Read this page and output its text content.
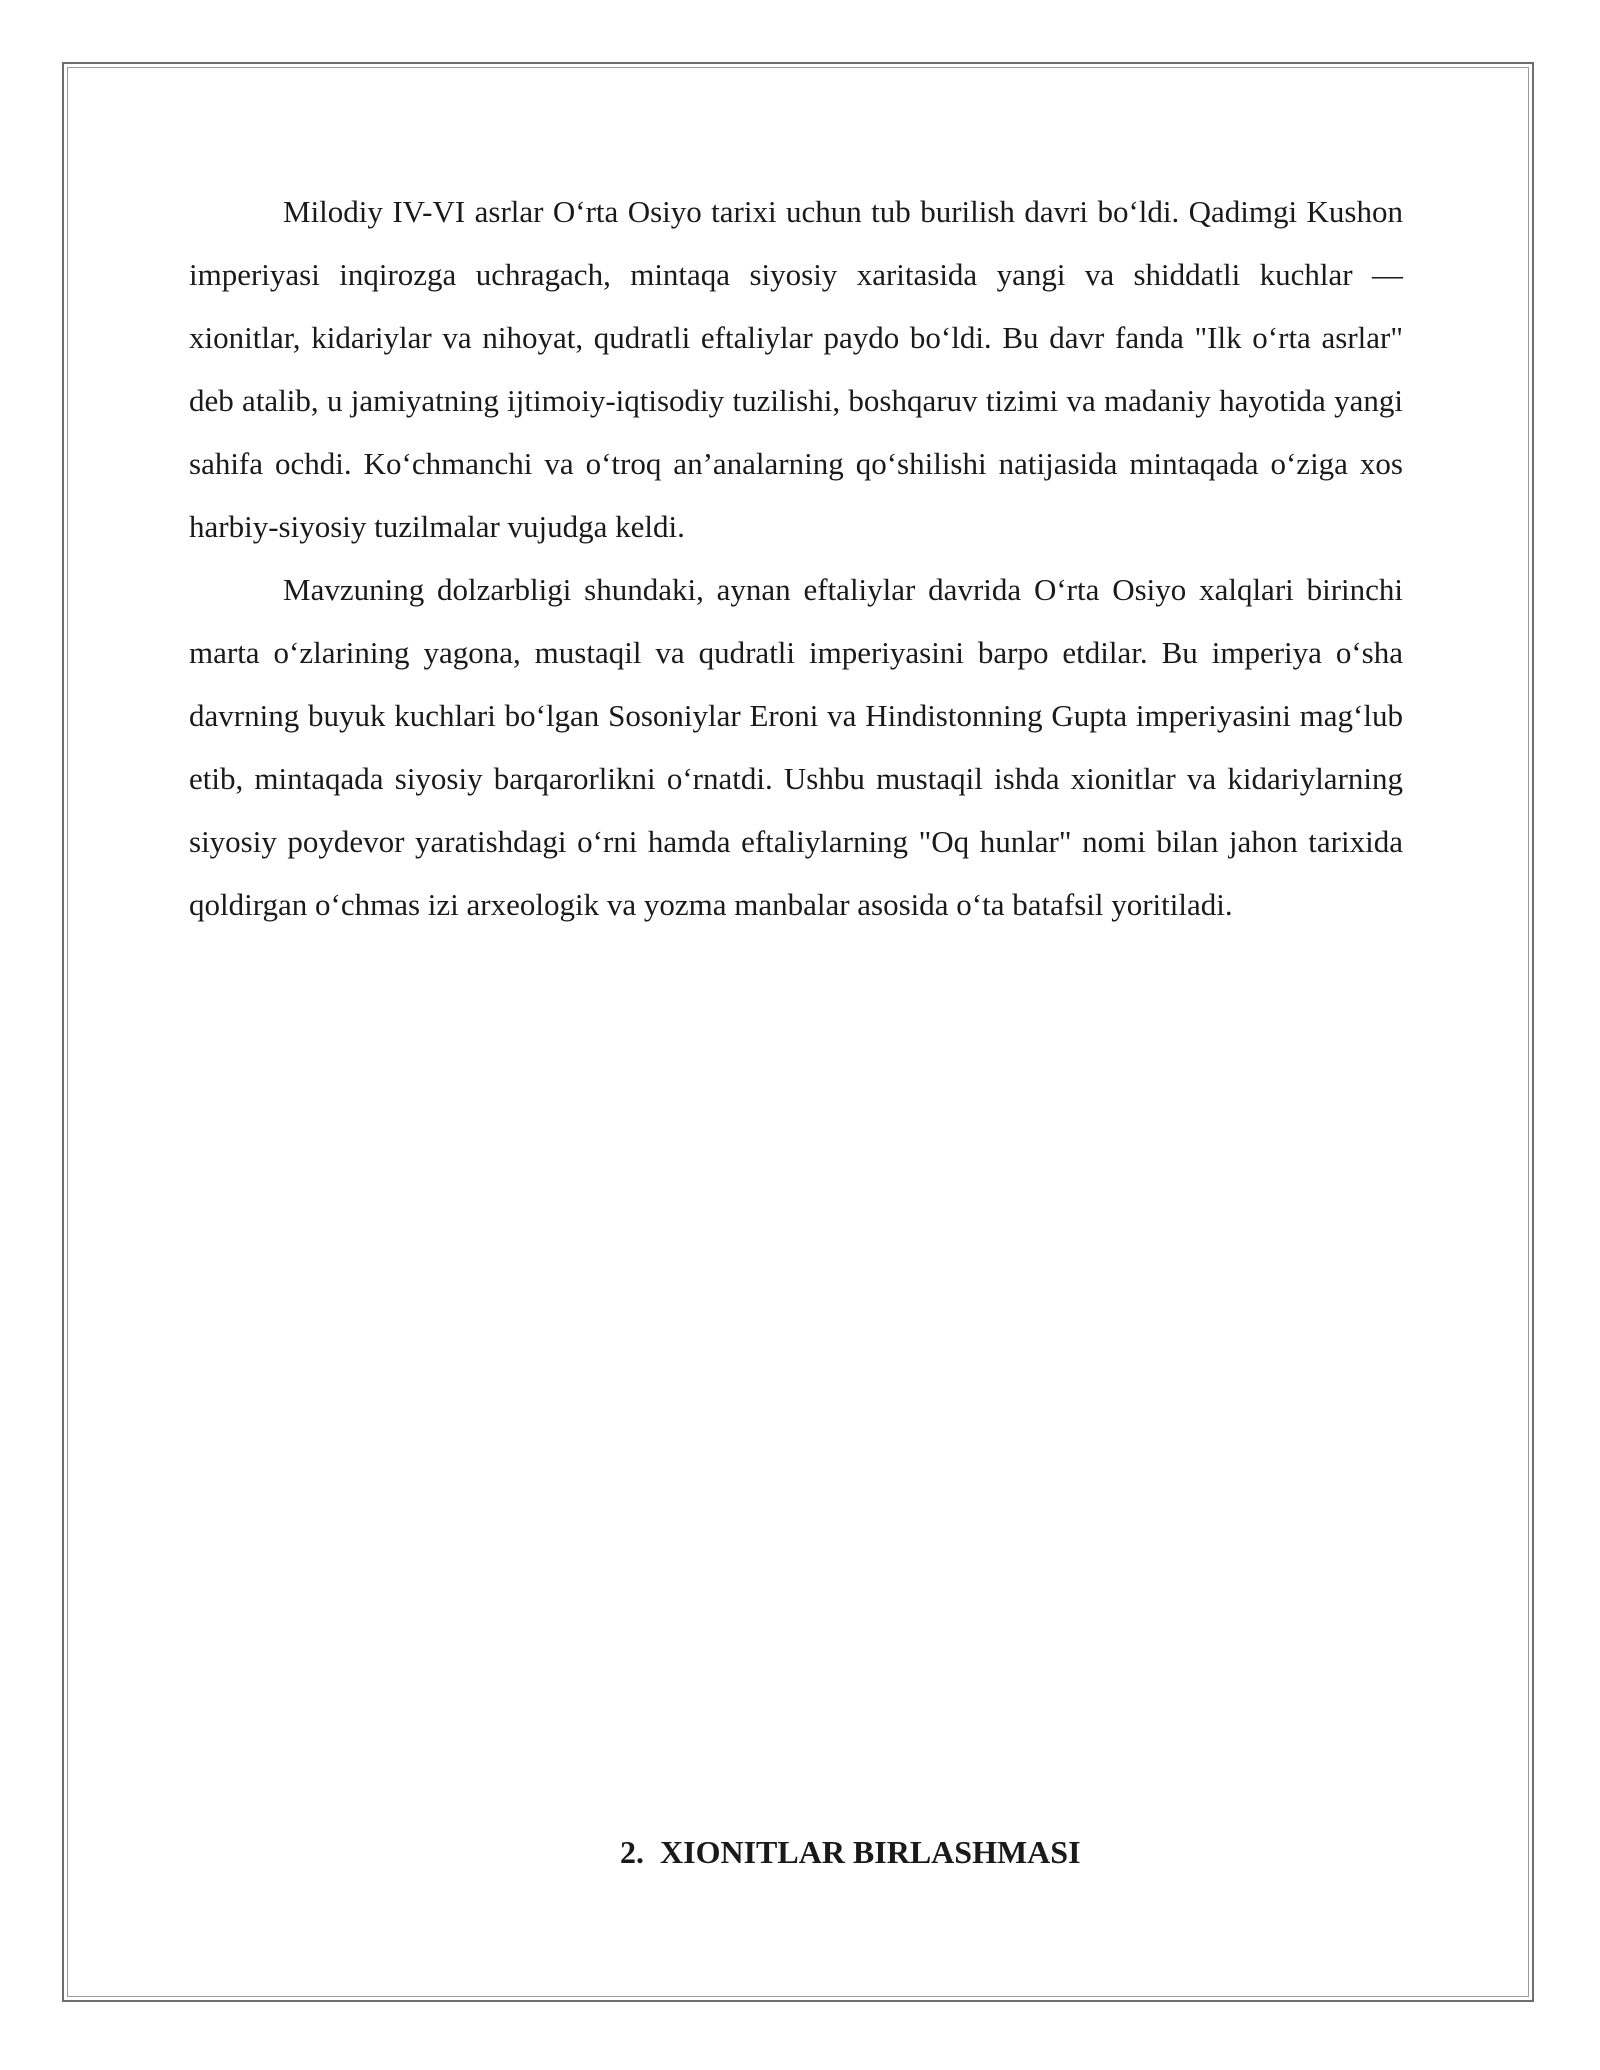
Milodiy IV-VI asrlar O‘rta Osiyo tarixi uchun tub burilish davri bo‘ldi. Qadimgi Kushon imperiyasi inqirozga uchragach, mintaqa siyosiy xaritasida yangi va shiddatli kuchlar — xionitlar, kidariylar va nihoyat, qudratli eftaliylar paydo bo‘ldi. Bu davr fanda "Ilk o‘rta asrlar" deb atalib, u jamiyatning ijtimoiy-iqtisodiy tuzilishi, boshqaruv tizimi va madaniy hayotida yangi sahifa ochdi. Ko‘chmanchi va o‘troq an’analarning qo‘shilishi natijasida mintaqada o‘ziga xos harbiy-siyosiy tuzilmalar vujudga keldi.

Mavzuning dolzarbligi shundaki, aynan eftaliylar davrida O‘rta Osiyo xalqlari birinchi marta o‘zlarining yagona, mustaqil va qudratli imperiyasini barpo etdilar. Bu imperiya o‘sha davrning buyuk kuchlari bo‘lgan Sosoniylar Eroni va Hindistonning Gupta imperiyasini mag‘lub etib, mintaqada siyosiy barqarorlikni o‘rnatdi. Ushbu mustaqil ishda xionitlar va kidariylarning siyosiy poydevor yaratishdagi o‘rni hamda eftaliylarning "Oq hunlar" nomi bilan jahon tarixida qoldirgan o‘chmas izi arxeologik va yozma manbalar asosida o‘ta batafsil yoritiladi.

2.  XIONITLAR BIRLASHMASI
